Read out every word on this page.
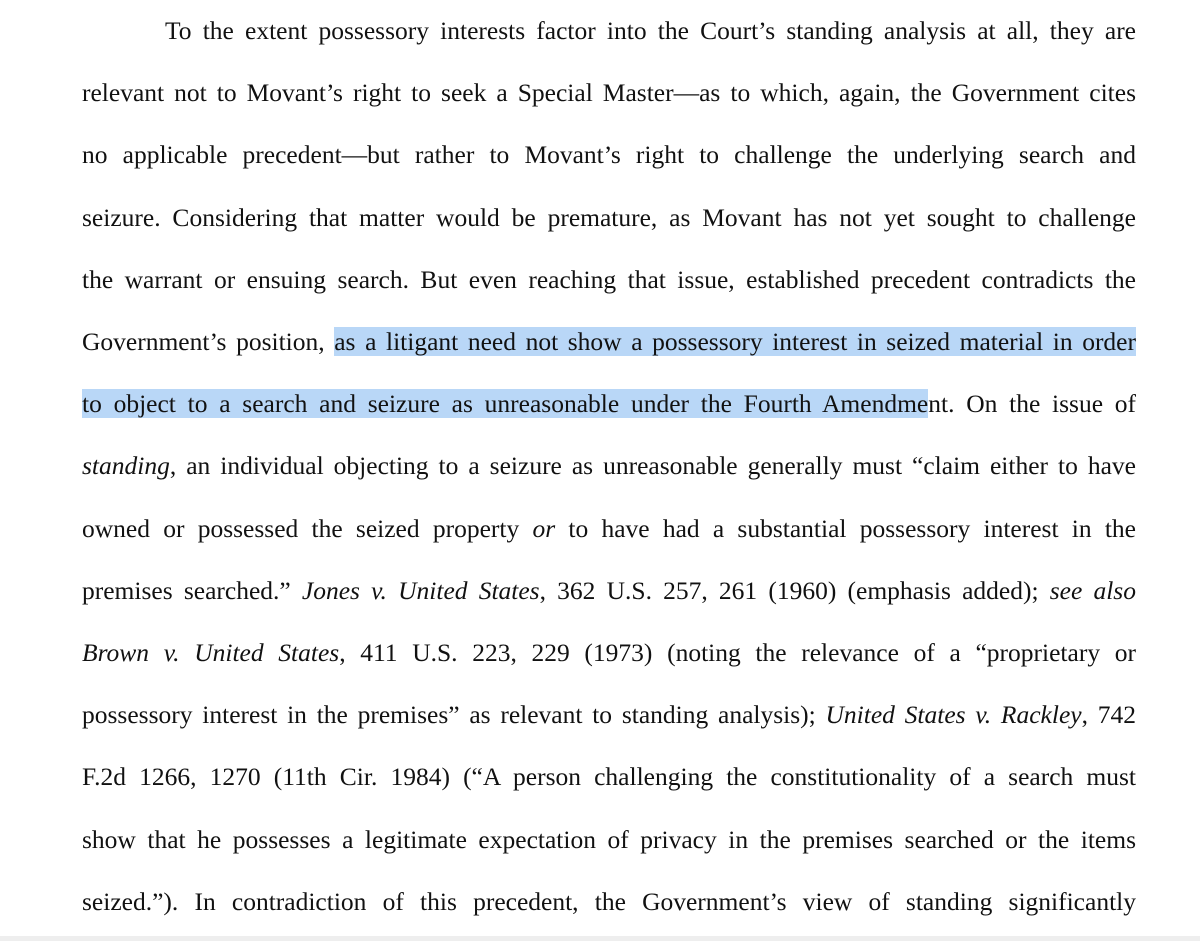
To the extent possessory interests factor into the Court’s standing analysis at all, they are
relevant not to Movant’s right to seek a Special Master—as to which, again, the Government cites
no applicable precedent—but rather to Movant’s right to challenge the underlying search and
seizure. Considering that matter would be premature, as Movant has not yet sought to challenge
the warrant or ensuing search. But even reaching that issue, established precedent contradicts the
Government’s position, as a litigant need not show a possessory interest in seized material in order
to object to a search and seizure as unreasonable under the Fourth Amendment. On the issue of
standing, an individual objecting to a seizure as unreasonable generally must “claim either to have
owned or possessed the seized property or to have had a substantial possessory interest in the
premises searched.” Jones v. United States, 362 U.S. 257, 261 (1960) (emphasis added); see also
Brown v. United States, 411 U.S. 223, 229 (1973) (noting the relevance of a “proprietary or
possessory interest in the premises” as relevant to standing analysis); United States v. Rackley, 742
F.2d 1266, 1270 (11th Cir. 1984) (“A person challenging the constitutionality of a search must
show that he possesses a legitimate expectation of privacy in the premises searched or the items
seized.”). In contradiction of this precedent, the Government’s view of standing significantly
